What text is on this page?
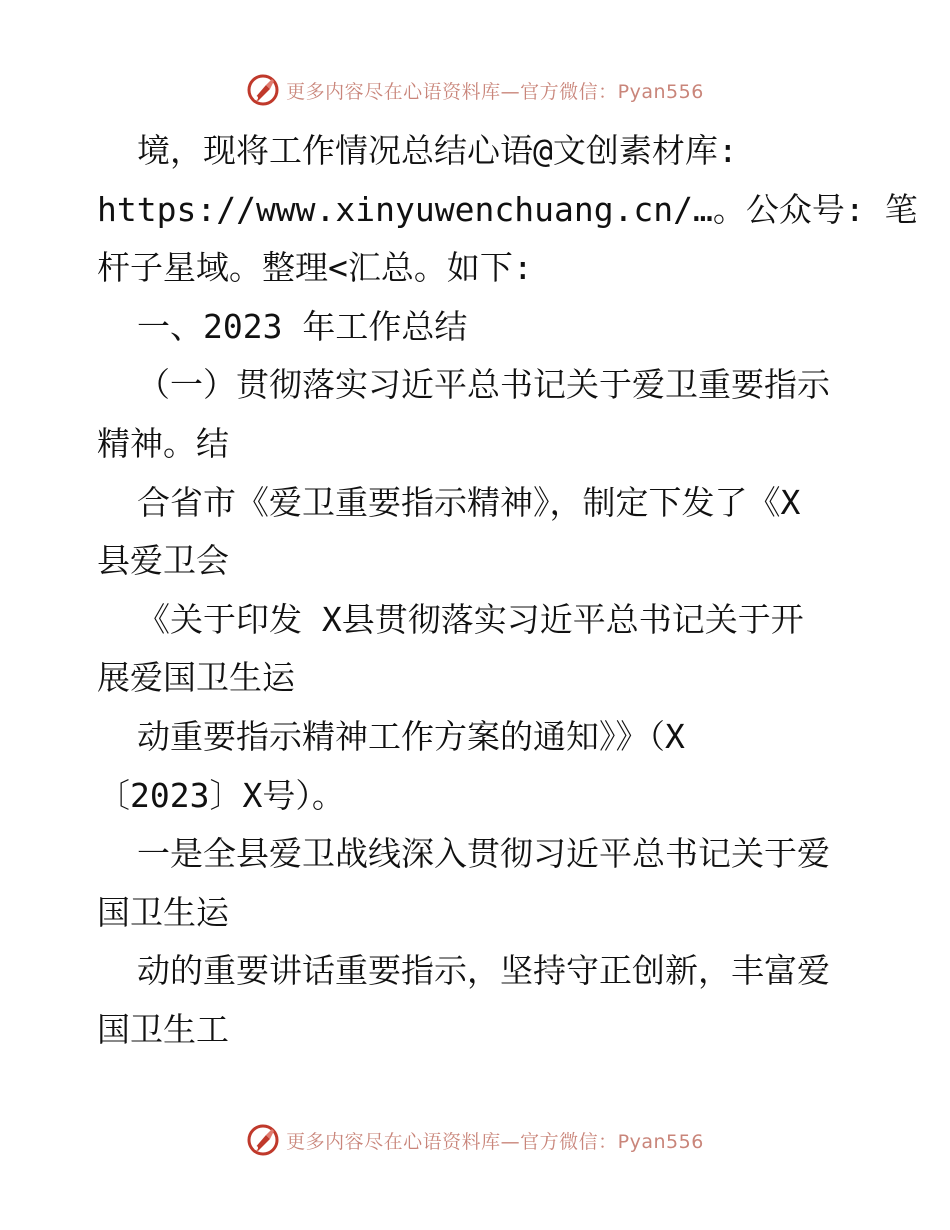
更多内容尽在心语资料库—官方微信：Pyan556
境，现将工作情况总结心语@文创素材库:
https://www.xinyuwenchuang.cn/…。公众号: 笔
杆子星域。整理<汇总。如下:
一、2023 年工作总结
（一）贯彻落实习近平总书记关于爱卫重要指示
精神。结
合省市《爱卫重要指示精神》，制定下发了《X
县爱卫会
《关于印发 X县贯彻落实习近平总书记关于开
展爱国卫生运
动重要指示精神工作方案的通知》》（X
〔2023〕X号）。
一是全县爱卫战线深入贯彻习近平总书记关于爱
国卫生运
动的重要讲话重要指示，坚持守正创新，丰富爱
国卫生工
更多内容尽在心语资料库—官方微信：Pyan556
